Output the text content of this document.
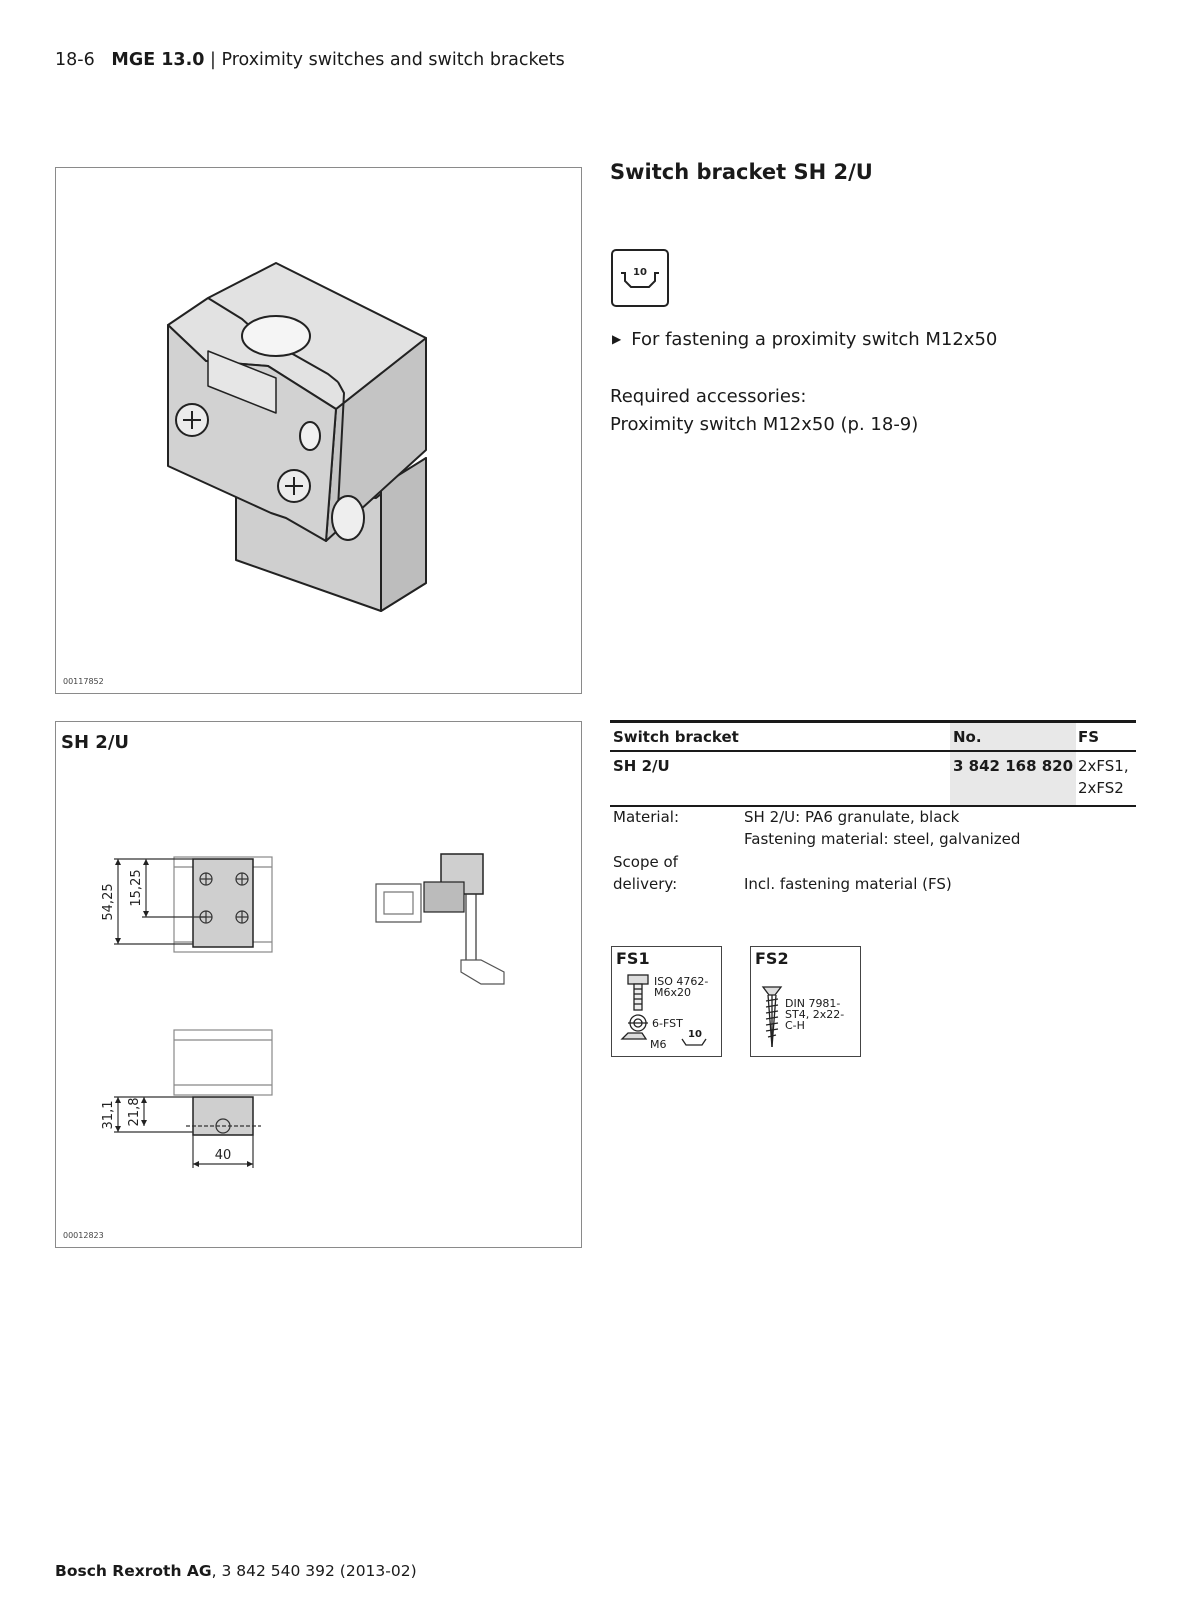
18-6 MGE 13.0 | Proximity switches and switch brackets
00117852
SH 2/U
54,25 15,25
31,1 21,8
40
00012823
Switch bracket SH 2/U
10
▶ For fastening a proximity switch M12x50
Required accessories:
Proximity switch M12x50 (p. 18-9)
Switch bracket	No.	FS
SH 2/U	3 842 168 820 2xFS1,
2xFS2
Material:	SH 2/U: PA6 granulate, black
Fastening material: steel, galvanized
Scope of
delivery:	Incl. fastening material (FS)
FS1
ISO 4762-
M6x20
6-FST
M6
10
FS2
DIN 7981-
ST4, 2x22-
C-H
Bosch Rexroth AG, 3 842 540 392 (2013-02)
